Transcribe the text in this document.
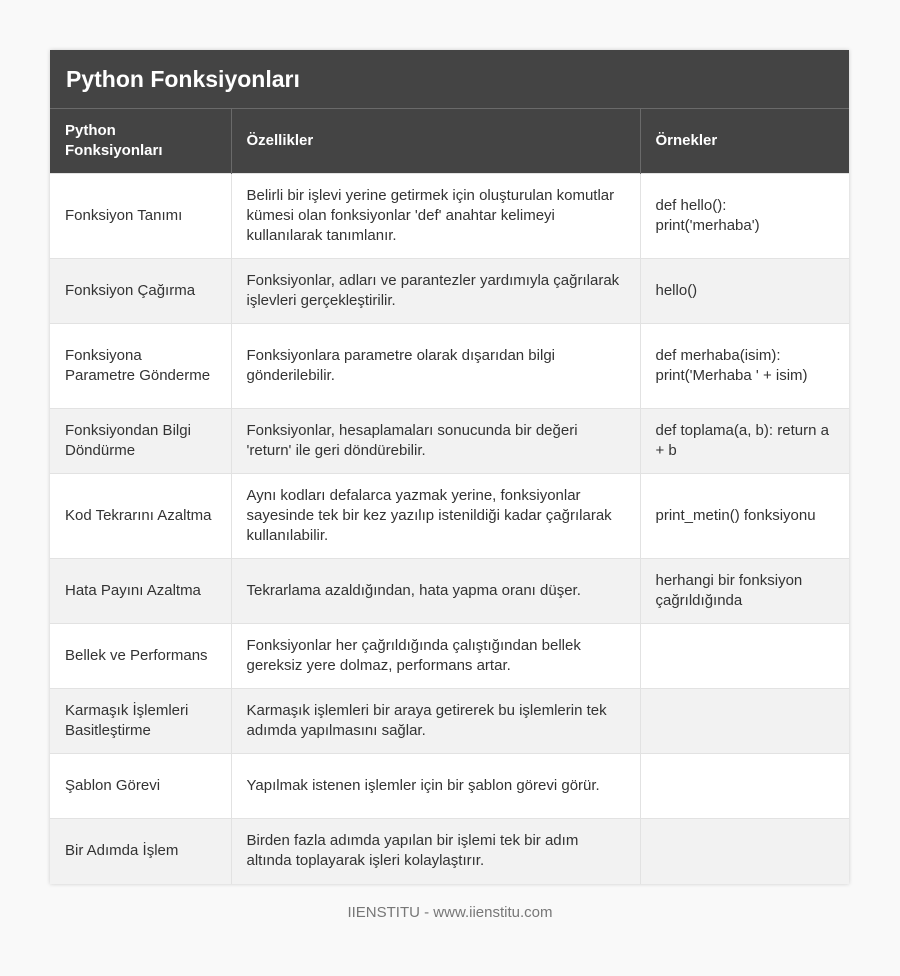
Python Fonksiyonları
Python Fonksiyonları	Özellikler	Örnekler
Fonksiyon Tanımı	Belirli bir işlevi yerine getirmek için oluşturulan komutlar kümesi olan fonksiyonlar 'def' anahtar kelimeyi kullanılarak tanımlanır.	def hello(): print('merhaba')
Fonksiyon Çağırma	Fonksiyonlar, adları ve parantezler yardımıyla çağrılarak işlevleri gerçekleştirilir.	hello()
Fonksiyona Parametre Gönderme	Fonksiyonlara parametre olarak dışarıdan bilgi gönderilebilir.	def merhaba(isim): print('Merhaba ' + isim)
Fonksiyondan Bilgi Döndürme	Fonksiyonlar, hesaplamaları sonucunda bir değeri 'return' ile geri döndürebilir.	def toplama(a, b): return a + b
Kod Tekrarını Azaltma	Aynı kodları defalarca yazmak yerine, fonksiyonlar sayesinde tek bir kez yazılıp istenildiği kadar çağrılarak kullanılabilir.	print_metin() fonksiyonu
Hata Payını Azaltma	Tekrarlama azaldığından, hata yapma oranı düşer.	herhangi bir fonksiyon çağrıldığında
Bellek ve Performans	Fonksiyonlar her çağrıldığında çalıştığından bellek gereksiz yere dolmaz, performans artar.	
Karmaşık İşlemleri Basitleştirme	Karmaşık işlemleri bir araya getirerek bu işlemlerin tek adımda yapılmasını sağlar.	
Şablon Görevi	Yapılmak istenen işlemler için bir şablon görevi görür.	
Bir Adımda İşlem	Birden fazla adımda yapılan bir işlemi tek bir adım altında toplayarak işleri kolaylaştırır.	
IIENSTITU - www.iienstitu.com
